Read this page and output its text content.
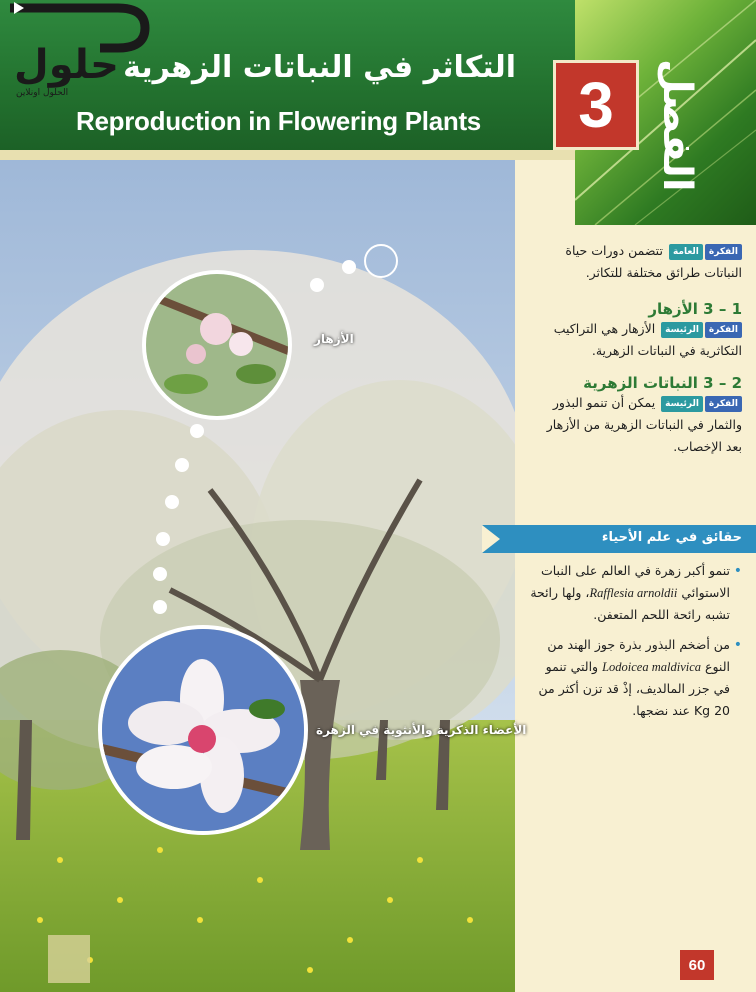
الفصل
التكاثر في النباتات الزهرية
Reproduction in Flowering Plants 3
حلول
الحلول اونلاين
الأزهار
الأعضاء الذكرية والأنثوية في الزهرة
الفكرةالعامة تتضمن دورات حياة النباتات طرائق مختلفة للتكاثر.
1 – 3 الأزهار
الفكرةالرئيسة الأزهار هي التراكيب التكاثرية في النباتات الزهرية.
2 – 3 النباتات الزهرية
الفكرةالرئيسة يمكن أن تنمو البذور والثمار في النباتات الزهرية من الأزهار بعد الإخصاب.
حقائق في علم الأحياء
•
تنمو أكبر زهرة في العالم على النبات الاستوائي Rafflesia arnoldii، ولها رائحة تشبه رائحة اللحم المتعفن.
•
من أضخم البذور بذرة جوز الهند من النوع Lodoicea maldivica والتي تنمو في جزر المالديف، إذْ قد تزن أكثر من 20 Kg عند نضجها.
60
